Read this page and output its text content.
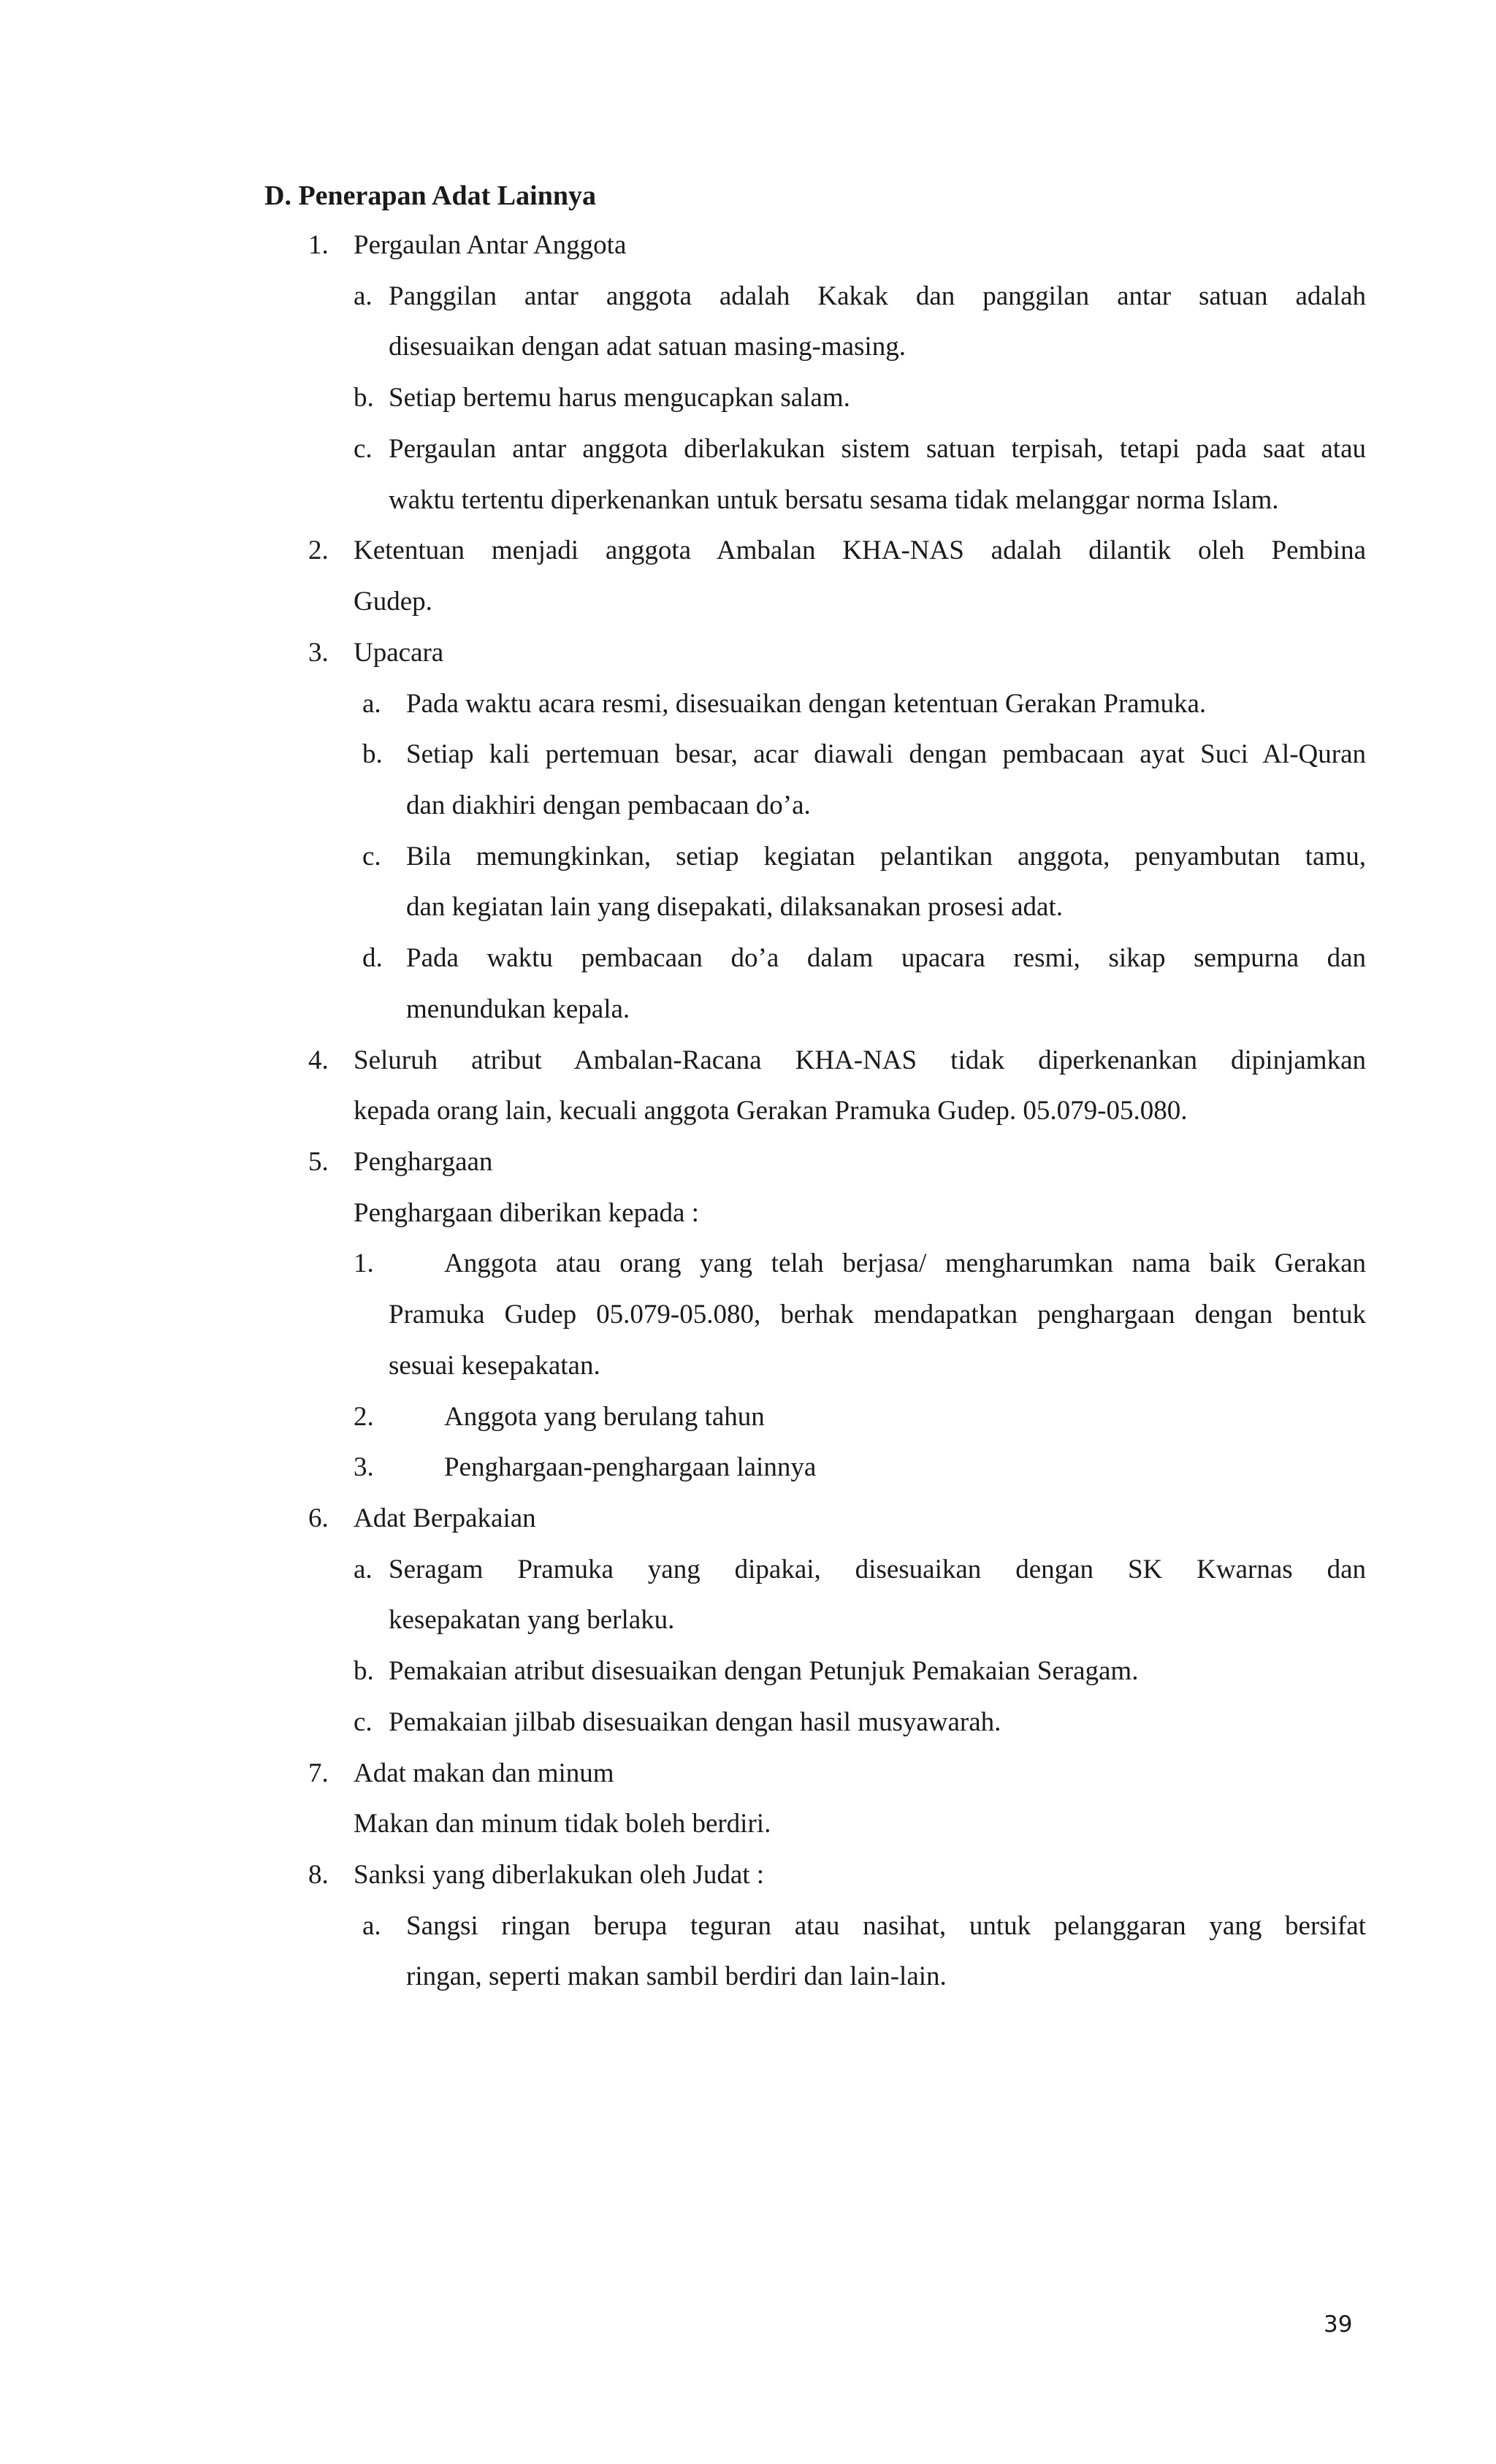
D. Penerapan Adat Lainnya
1. Pergaulan Antar Anggota
a. Panggilan antar anggota adalah Kakak dan panggilan antar satuan adalah
disesuaikan dengan adat satuan masing-masing.
b. Setiap bertemu harus mengucapkan salam.
c. Pergaulan antar anggota diberlakukan sistem satuan terpisah, tetapi pada saat atau
waktu tertentu diperkenankan untuk bersatu sesama tidak melanggar norma Islam.
2. Ketentuan menjadi anggota Ambalan KHA-NAS adalah dilantik oleh Pembina
Gudep.
3. Upacara
a. Pada waktu acara resmi, disesuaikan dengan ketentuan Gerakan Pramuka.
b. Setiap kali pertemuan besar, acar diawali dengan pembacaan ayat Suci Al-Quran
dan diakhiri dengan pembacaan do’a.
c. Bila memungkinkan, setiap kegiatan pelantikan anggota, penyambutan tamu,
dan kegiatan lain yang disepakati, dilaksanakan prosesi adat.
d. Pada waktu pembacaan do’a dalam upacara resmi, sikap sempurna dan
menundukan kepala.
4. Seluruh atribut Ambalan-Racana KHA-NAS tidak diperkenankan dipinjamkan
kepada orang lain, kecuali anggota Gerakan Pramuka Gudep. 05.079-05.080.
5. Penghargaan
Penghargaan diberikan kepada :
1.	Anggota atau orang yang telah berjasa/ mengharumkan nama baik Gerakan
Pramuka Gudep 05.079-05.080, berhak mendapatkan penghargaan dengan bentuk
sesuai kesepakatan.
2.	Anggota yang berulang tahun
3.	Penghargaan-penghargaan lainnya
6. Adat Berpakaian
a. Seragam Pramuka yang dipakai, disesuaikan dengan SK Kwarnas dan
kesepakatan yang berlaku.
b. Pemakaian atribut disesuaikan dengan Petunjuk Pemakaian Seragam.
c. Pemakaian jilbab disesuaikan dengan hasil musyawarah.
7. Adat makan dan minum
Makan dan minum tidak boleh berdiri.
8. Sanksi yang diberlakukan oleh Judat :
a. Sangsi ringan berupa teguran atau nasihat, untuk pelanggaran yang bersifat
ringan, seperti makan sambil berdiri dan lain-lain.
39
